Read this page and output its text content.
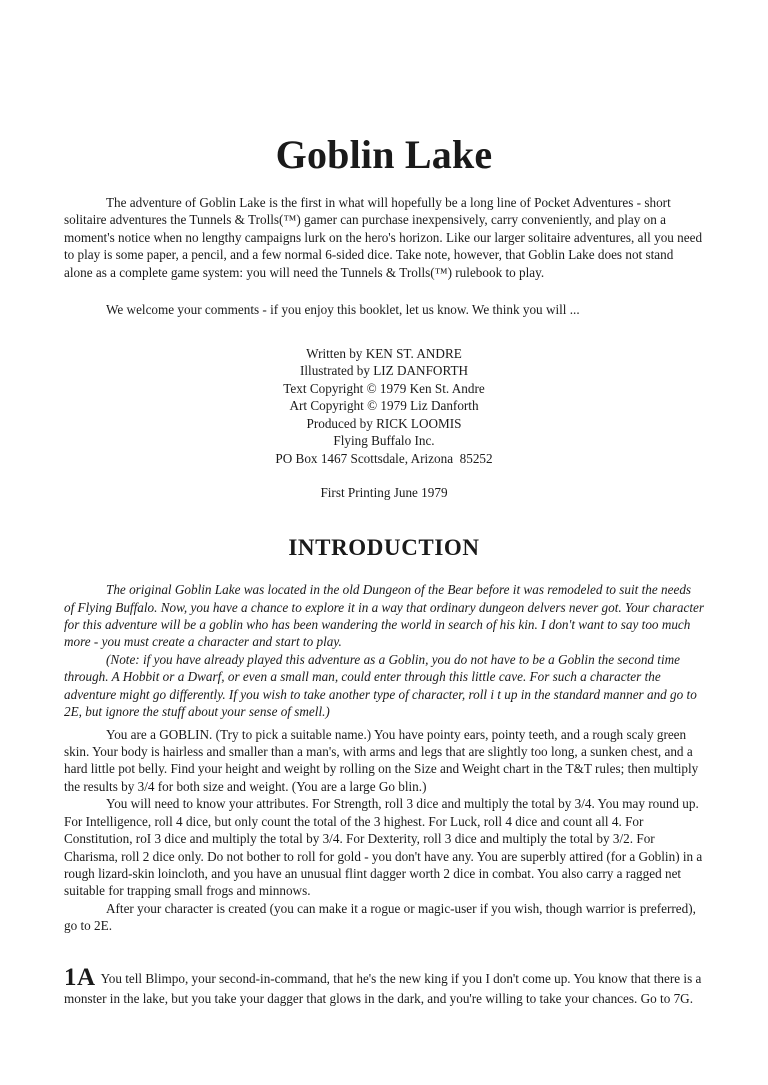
Goblin Lake

The adventure of Goblin Lake is the first in what will hopefully be a long line of Pocket Adventures - short solitaire adventures the Tunnels & Trolls(™) gamer can purchase inexpensively, carry conveniently, and play on a moment's notice when no lengthy campaigns lurk on the hero's horizon. Like our larger solitaire adventures, all you need to play is some paper, a pencil, and a few normal 6-sided dice. Take note, however, that Goblin Lake does not stand alone as a complete game system: you will need the Tunnels & Trolls(™) rulebook to play.

We welcome your comments - if you enjoy this booklet, let us know. We think you will ...

Written by KEN ST. ANDRE
Illustrated by LIZ DANFORTH
Text Copyright © 1979 Ken St. Andre
Art Copyright © 1979 Liz Danforth
Produced by RICK LOOMIS
Flying Buffalo Inc.
PO Box 1467 Scottsdale, Arizona  85252
First Printing June 1979
INTRODUCTION

The original Goblin Lake was located in the old Dungeon of the Bear before it was remodeled to suit the needs of Flying Buffalo. Now, you have a chance to explore it in a way that ordinary dungeon delvers never got. Your character for this adventure will be a goblin who has been wandering the world in search of his kin. I don't want to say too much more - you must create a character and start to play.

(Note: if you have already played this adventure as a Goblin, you do not have to be a Goblin the second time through. A Hobbit or a Dwarf, or even a small man, could enter through this little cave. For such a character the adventure might go differently. If you wish to take another type of character, roll i t up in the standard manner and go to 2E, but ignore the stuff about your sense of smell.)

You are a GOBLIN. (Try to pick a suitable name.) You have pointy ears, pointy teeth, and a rough scaly green skin. Your body is hairless and smaller than a man's, with arms and legs that are slightly too long, a sunken chest, and a hard little pot belly. Find your height and weight by rolling on the Size and Weight chart in the T&T rules; then multiply the results by 3/4 for both size and weight. (You are a large Go blin.)

You will need to know your attributes. For Strength, roll 3 dice and multiply the total by 3/4. You may round up. For Intelligence, roll 4 dice, but only count the total of the 3 highest. For Luck, roll 4 dice and count all 4. For Constitution, roI 3 dice and multiply the total by 3/4. For Dexterity, roll 3 dice and multiply the total by 3/2. For Charisma, roll 2 dice only. Do not bother to roll for gold - you don't have any. You are superbly attired (for a Goblin) in a rough lizard-skin loincloth, and you have an unusual flint dagger worth 2 dice in combat. You also carry a ragged net suitable for trapping small frogs and minnows.

After your character is created (you can make it a rogue or magic-user if you wish, though warrior is preferred), go to 2E.

1A You tell Blimpo, your second-in-command, that he's the new king if you I don't come up. You know that there is a monster in the lake, but you take your dagger that glows in the dark, and you're willing to take your chances. Go to 7G.
